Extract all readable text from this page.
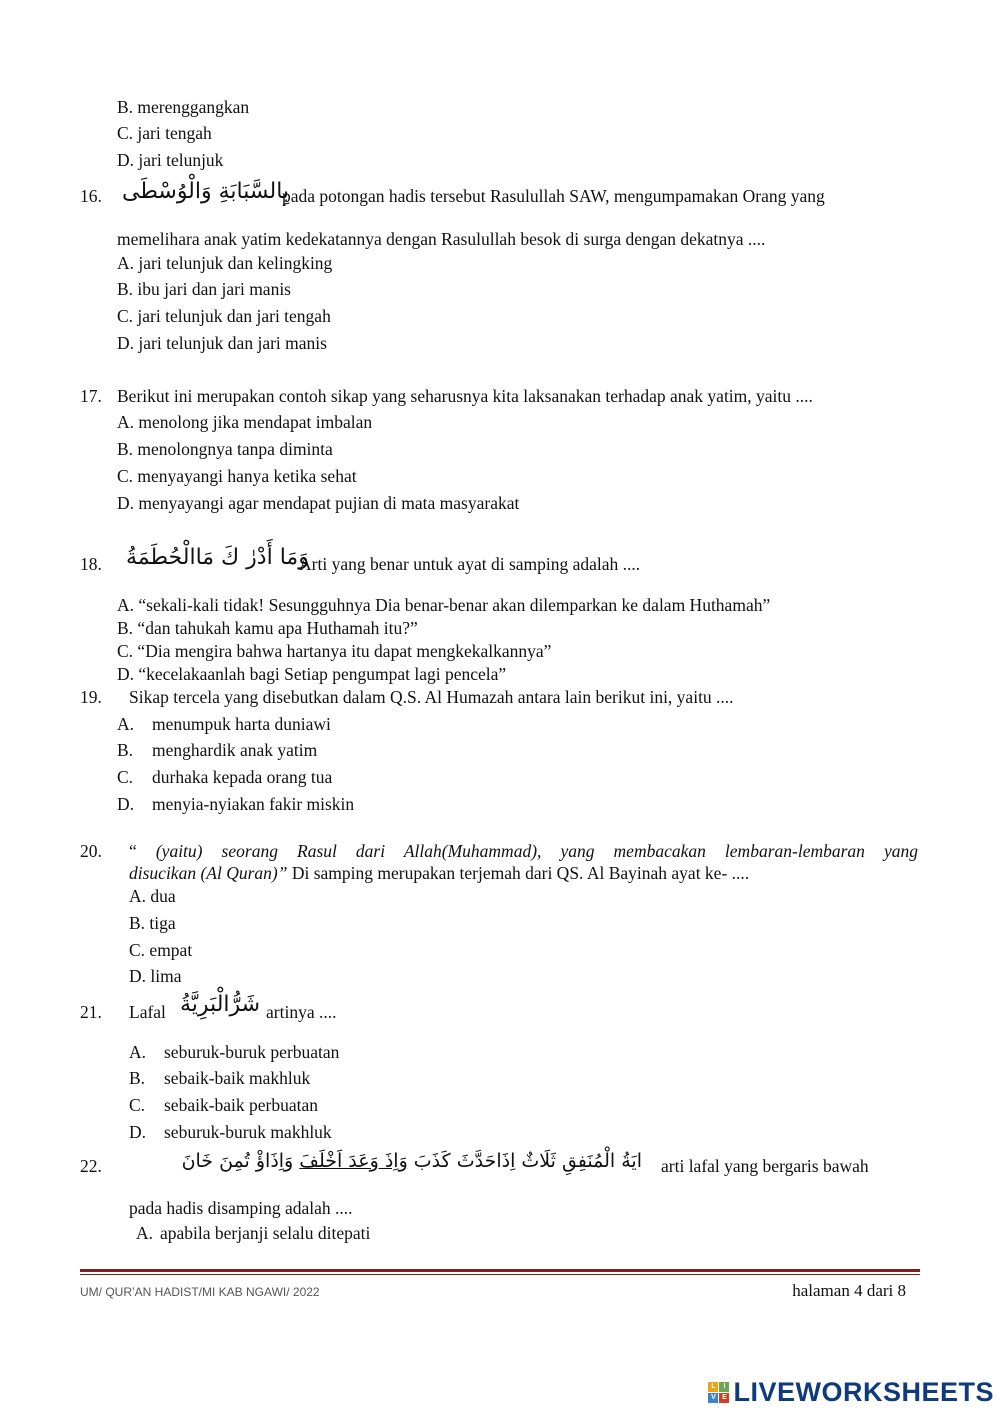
B. merenggangkan
C. jari tengah
D. jari telunjuk
16. بِالسَّبَابَةِ وَالْوُسْطَى
pada potongan hadis tersebut Rasulullah SAW, mengumpamakan Orang yang
memelihara anak yatim kedekatannya dengan Rasulullah besok di surga dengan dekatnya ....
A. jari telunjuk dan kelingking
B. ibu jari dan jari manis
C. jari telunjuk dan jari tengah
D. jari telunjuk dan jari manis
17. Berikut ini merupakan contoh sikap yang seharusnya kita laksanakan terhadap anak yatim, yaitu ....
A. menolong jika mendapat imbalan
B. menolongnya tanpa diminta
C. menyayangi hanya ketika sehat
D. menyayangi agar mendapat pujian di mata masyarakat
18. وَمَا أَدْرٰ كَ مَاالْحُطَمَةُ
Arti yang benar untuk ayat di samping adalah ....
A. “sekali-kali tidak! Sesungguhnya Dia benar-benar akan dilemparkan ke dalam Huthamah”
B. “dan tahukah kamu apa Huthamah itu?”
C. “Dia mengira bahwa hartanya itu dapat mengkekalkannya”
D. “kecelakaanlah bagi Setiap pengumpat lagi pencela”
19. Sikap tercela yang disebutkan dalam Q.S. Al Humazah antara lain berikut ini, yaitu ....
A. menumpuk harta duniawi
B. menghardik anak yatim
C. durhaka kepada orang tua
D. menyia-nyiakan fakir miskin
20. “ (yaitu) seorang Rasul dari Allah(Muhammad), yang membacakan lembaran-lembaran yang
disucikan (Al Quran)” Di samping merupakan terjemah dari QS. Al Bayinah ayat ke- ....
A. dua
B. tiga
C. empat
D. lima
21. Lafal شَرُّالْبَرِيَّةُ artinya ....
A. seburuk-buruk perbuatan
B. sebaik-baik makhluk
C. sebaik-baik perbuatan
D. seburuk-buruk makhluk
22.	ايَةُ الْمُنَفِقِ ثَلَاثٌ اِذَاحَدَّثَ كَذَبَ وَاِذَ وَعَدَ اَخْلَفَ وَاِذَاؤْ تُمِنَ خَانَ	arti lafal yang bergaris bawah
pada hadis disamping adalah ....
A. apabila berjanji selalu ditepati
UM/ QUR’AN HADIST/MI KAB NGAWI/ 2022	halaman 4 dari 8
L	I
V E LIVEWORKSHEETS
